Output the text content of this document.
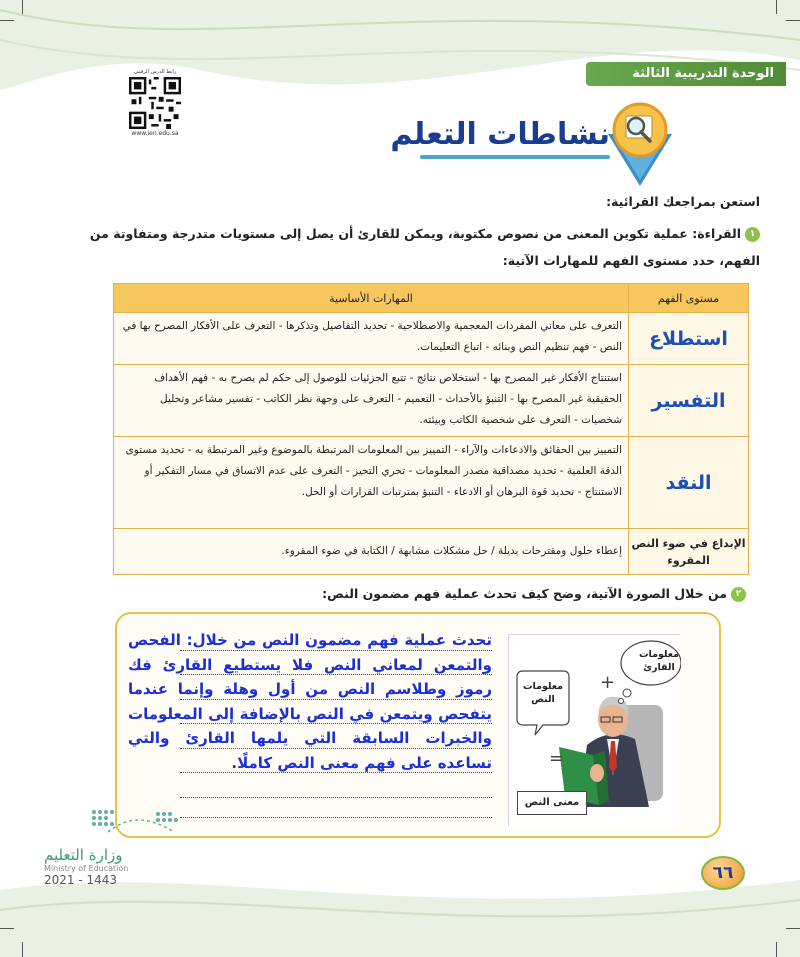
الوحدة التدريبية الثالثة
رابط الدرس الرقمي
www.ien.edu.sa	نشاطات التعلم
استعن بمراجعك القرائية:
١القراءة: عملية تكوين المعنى من نصوص مكتوبة، ويمكن للقارئ أن يصل إلى مستويات متدرجة ومتفاوتة من الفهم، حدد مستوى الفهم للمهارات الآتية:
مستوى الفهم	المهارات الأساسية
استطلاع	التعرف على معاني المفردات المعجمية والاصطلاحية - تحديد التفاصيل وتذكرها - التعرف على الأفكار المصرح بها في النص - فهم تنظيم النص وبنائه - اتباع التعليمات.
التفسير	استنتاج الأفكار غير المصرح بها - استخلاص نتائج - تتبع الجزئيات للوصول إلى حكم لم يصرح به - فهم الأهداف الحقيقية غير المصرح بها - التنبؤ بالأحداث - التعميم - التعرف على وجهة نظر الكاتب - تفسير مشاعر وتحليل شخصيات - التعرف على شخصية الكاتب وبيئته.
النقد	التمييز بين الحقائق والادعاءات والآراء - التمييز بين المعلومات المرتبطة بالموضوع وغير المرتبطة به - تحديد مستوى الدقة العلمية - تحديد مصداقية مصدر المعلومات - تحري التحيز - التعرف على عدم الاتساق في مسار التفكير أو الاستنتاج - تحديد قوة البرهان أو الادعاء - التنبؤ بمترتبات القرارات أو الحل.
الإبداع في ضوء النص المقروء	إعطاء حلول ومقترحات بديلة / حل مشكلات مشابهة / الكتابة في ضوء المقروء.
٢من خلال الصورة الآتية، وضح كيف تحدث عملية فهم مضمون النص:
معلومات القارئ
معلومات النص
+
=
معنى النص
تحدث عملية فهم مضمون النص من خلال: الفحص والتمعن لمعاني النص فلا يستطيع القارئ فك رموز وطلاسم النص من أول وهلة وإنما عندما يتفحص ويتمعن في النص بالإضافة إلى المعلومات والخبرات السابقة التي يلمها القارئ والتي تساعده على فهم معنى النص كاملًا.
وزارة التعليم
Ministry of Education
2021 - 1443	٦٦
